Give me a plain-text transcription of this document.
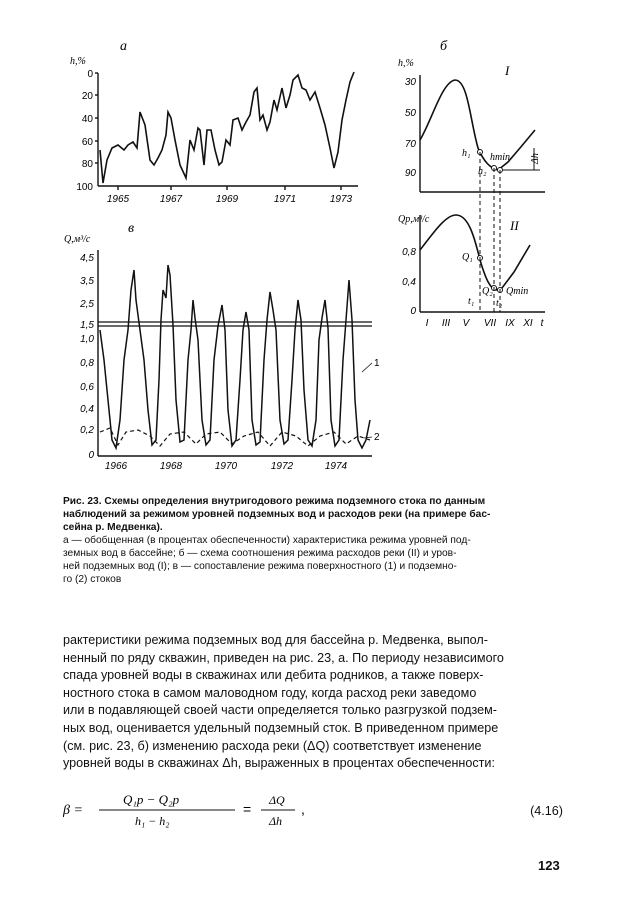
а
h,%
0
20
40
60
80
100
1965	1967	1969	1971	1973
в
Q,м³/с
4,5
3,5
2,5
1,5
1,0
0,8
0,6
0,4
0,2
0
1966	1968	1970	1972	1974
1
2
б
h,%	I
30
50
70
90
h₁
h₂
hmin Δh
Qр,м³/с	II
0,8
0,4
0
Q₁
Q₂ Qmin
t₁ t₂
I III V VII IX XI t
Рис. 23. Схемы определения внутригодового режима подземного стока по данным
наблюдений за режимом уровней подземных вод и расходов реки (на примере бас-
сейна р. Медвенка).
а — обобщенная (в процентах обеспеченности) характеристика режима уровней под-
земных вод в бассейне; б — схема соотношения режима расходов реки (II) и уров-
ней подземных вод (I); в — сопоставление режима поверхностного (1) и подземно-
го (2) стоков
рактеристики режима подземных вод для бассейна р. Медвенка, выпол-
ненный по ряду скважин, приведен на рис. 23, а. По периоду независимого
спада уровней воды в скважинах или дебита родников, а также поверх-
ностного стока в самом маловодном году, когда расход реки заведомо
или в подавляющей своей части определяется только разгрузкой подзем-
ных вод, оценивается удельный подземный сток. В приведенном примере
(см. рис. 23, б) изменению расхода реки (ΔQ) соответствует изменение
уровней воды в скважинах Δh, выраженных в процентах обеспеченности:
β =
Q₁р − Q₂р
h₁ − h₂
=
ΔQ
Δh
,	(4.16)
123
